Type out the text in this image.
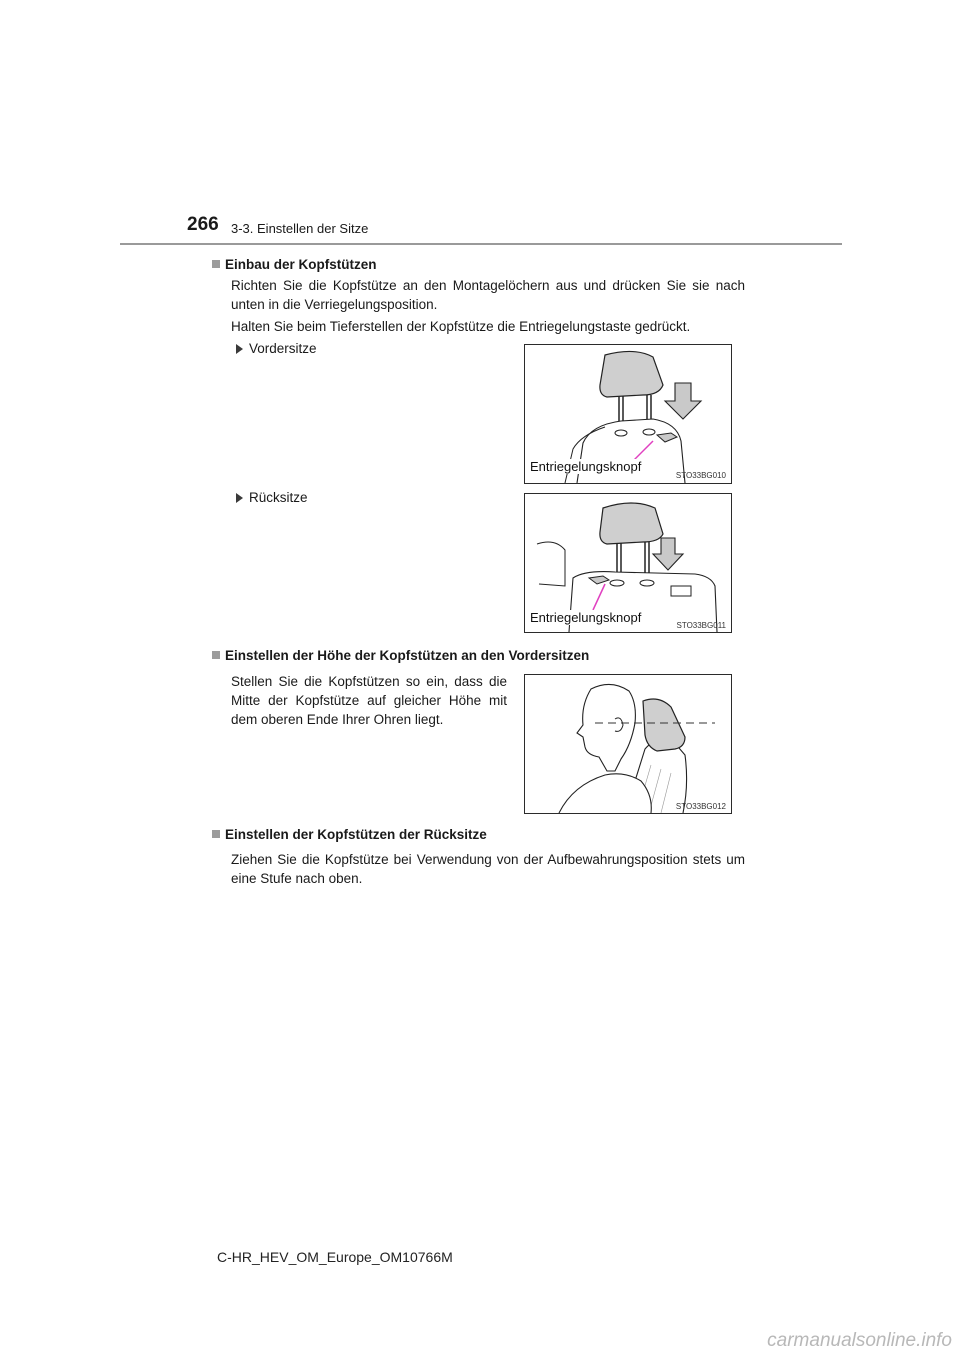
266 3-3. Einstellen der Sitze
Einbau der Kopfstützen
Richten Sie die Kopfstütze an den Montagelöchern aus und drücken Sie sie nach unten in die Verriegelungsposition.
Halten Sie beim Tieferstellen der Kopfstütze die Entriegelungstaste gedrückt.
Vordersitze
Entriegelungsknopf
STO33BG010
Rücksitze
Entriegelungsknopf
STO33BG011
Einstellen der Höhe der Kopfstützen an den Vordersitzen
Stellen Sie die Kopfstützen so ein, dass die Mitte der Kopfstütze auf gleicher Höhe mit dem oberen Ende Ihrer Ohren liegt.
STO33BG012
Einstellen der Kopfstützen der Rücksitze
Ziehen Sie die Kopfstütze bei Verwendung von der Aufbewahrungsposition stets um eine Stufe nach oben.
C-HR_HEV_OM_Europe_OM10766M
carmanualsonline.info
